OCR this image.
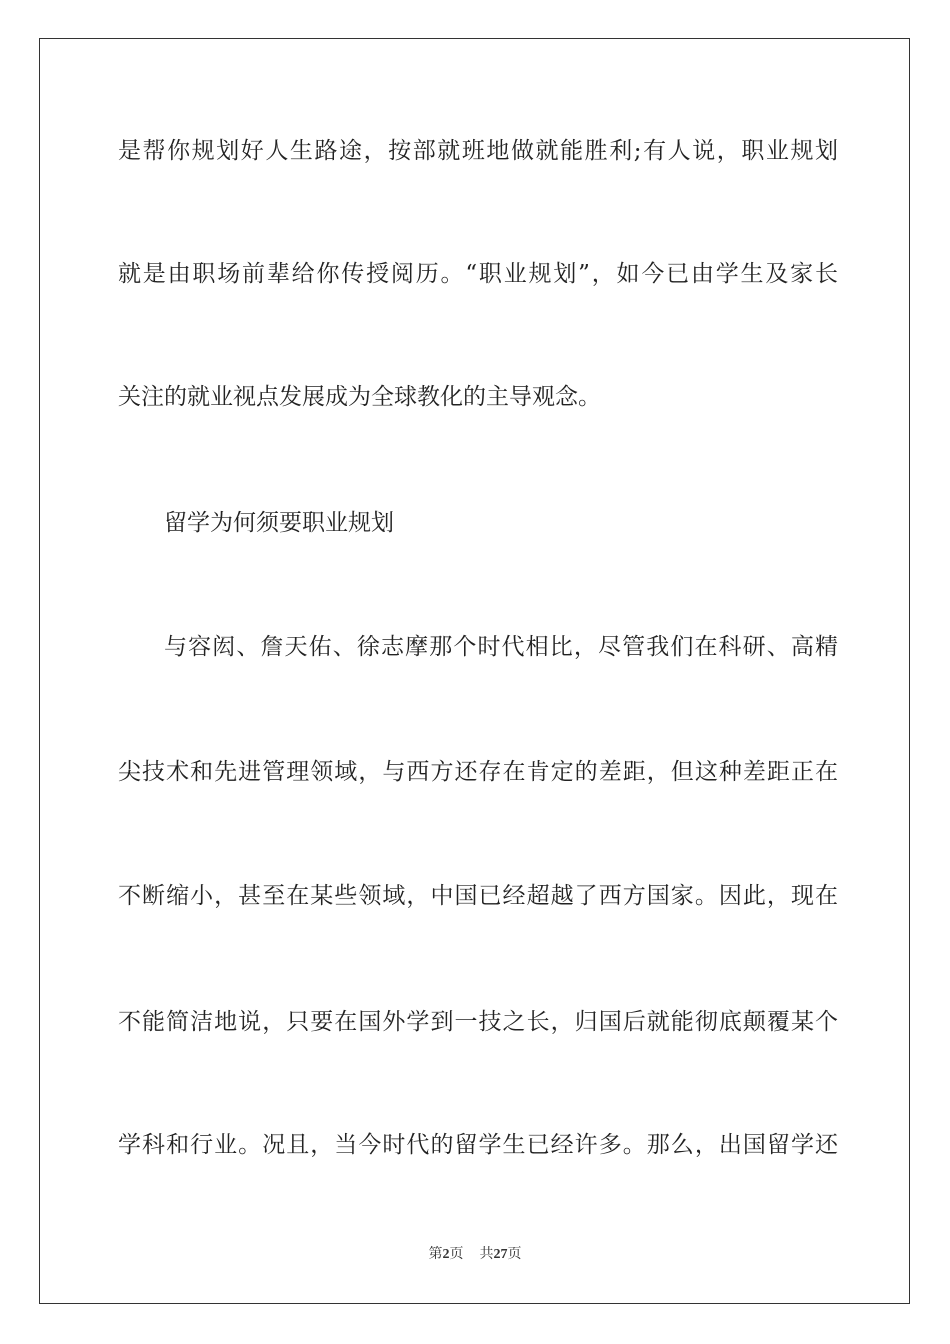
是帮你规划好人生路途，按部就班地做就能胜利;有人说，职业规划

就是由职场前辈给你传授阅历。“职业规划”，如今已由学生及家长

关注的就业视点发展成为全球教化的主导观念。

留学为何须要职业规划

与容闳、詹天佑、徐志摩那个时代相比，尽管我们在科研、高精

尖技术和先进管理领域，与西方还存在肯定的差距，但这种差距正在

不断缩小，甚至在某些领域，中国已经超越了西方国家。因此，现在

不能简洁地说，只要在国外学到一技之长，归国后就能彻底颠覆某个

学科和行业。况且，当今时代的留学生已经许多。那么，出国留学还

第2页 共27页
